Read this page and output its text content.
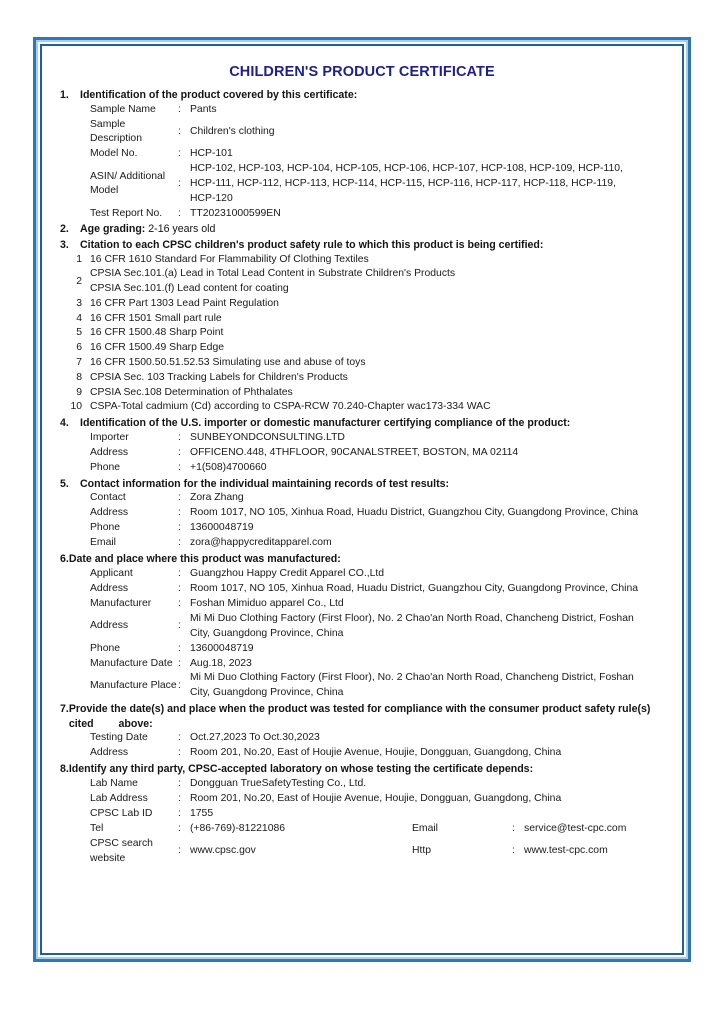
CHILDREN'S PRODUCT CERTIFICATE
1.	Identification of the product covered by this certificate:
Sample Name	: Pants
Sample Description
: Children's clothing
Model No.	: HCP-101
ASIN/ Additional Model
:
HCP-102, HCP-103, HCP-104, HCP-105, HCP-106, HCP-107, HCP-108, HCP-109, HCP-110,
HCP-111, HCP-112, HCP-113, HCP-114, HCP-115, HCP-116, HCP-117, HCP-118, HCP-119,
HCP-120
Test Report No.	: TT20231000599EN
2.	Age grading: 2-16 years old
3.	Citation to each CPSC children's product safety rule to which this product is being certified:
1 16 CFR 1610 Standard For Flammability Of Clothing Textiles
2
CPSIA Sec.101.(a) Lead in Total Lead Content in Substrate Children's Products
CPSIA Sec.101.(f) Lead content for coating
3 16 CFR Part 1303 Lead Paint Regulation
4 16 CFR 1501 Small part rule
5 16 CFR 1500.48 Sharp Point
6 16 CFR 1500.49 Sharp Edge
7 16 CFR 1500.50.51.52.53 Simulating use and abuse of toys
8 CPSIA Sec. 103 Tracking Labels for Children's Products
9 CPSIA Sec.108 Determination of Phthalates
10 CSPA-Total cadmium (Cd) according to CSPA-RCW 70.240-Chapter wac173-334 WAC
4.	Identification of the U.S. importer or domestic manufacturer certifying compliance of the product:
Importer	: SUNBEYONDCONSULTING.LTD
Address	: OFFICENO.448, 4THFLOOR, 90CANALSTREET, BOSTON, MA 02114
Phone	: +1(508)4700660
5.	Contact information for the individual maintaining records of test results:
Contact	: Zora Zhang
Address	: Room 1017, NO 105, Xinhua Road, Huadu District, Guangzhou City, Guangdong Province, China
Phone	: 13600048719
Email	: zora@happycreditapparel.com
6. Date and place where this product was manufactured:
Applicant	: Guangzhou Happy Credit Apparel CO.,Ltd
Address	: Room 1017, NO 105, Xinhua Road, Huadu District, Guangzhou City, Guangdong Province, China
Manufacturer	: Foshan Mimiduo apparel Co., Ltd
Address	:
Mi Mi Duo Clothing Factory (First Floor), No. 2 Chao'an North Road, Chancheng District, Foshan
City, Guangdong Province, China
Phone	: 13600048719
Manufacture Date : Aug.18, 2023
Manufacture Place :
Mi Mi Duo Clothing Factory (First Floor), No. 2 Chao'an North Road, Chancheng District, Foshan
City, Guangdong Province, China
7. Provide the date(s) and place when the product was tested for compliance with the consumer product safety rule(s) cited above:
Testing Date	: Oct.27,2023 To Oct.30,2023
Address	: Room 201, No.20, East of Houjie Avenue, Houjie, Dongguan, Guangdong, China
8. Identify any third party, CPSC-accepted laboratory on whose testing the certificate depends:
Lab Name	: Dongguan TrueSafetyTesting Co., Ltd.
Lab Address	: Room 201, No.20, East of Houjie Avenue, Houjie, Dongguan, Guangdong, China
CPSC Lab ID	: 1755
Tel	: (+86-769)-81221086	Email	: service@test-cpc.com
CPSC search website
: www.cpsc.gov	Http	: www.test-cpc.com
